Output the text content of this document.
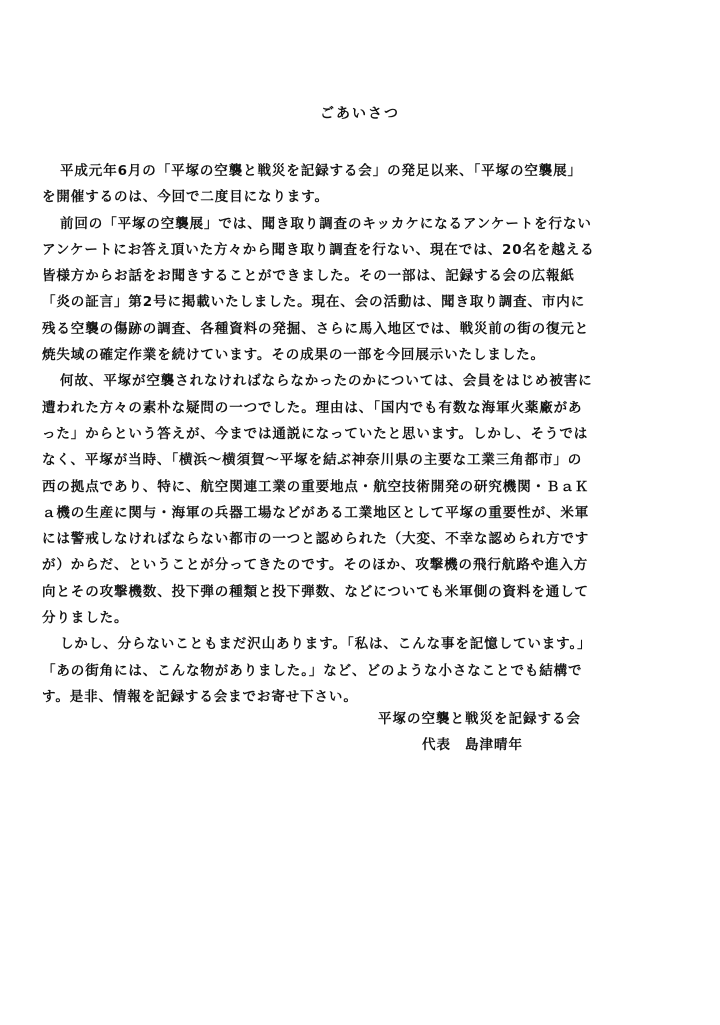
ごあいさつ
平成元年6月の「平塚の空襲と戦災を記録する会」の発足以来、「平塚の空襲展」
を開催するのは、今回で二度目になります。
前回の「平塚の空襲展」では、聞き取り調査のキッカケになるアンケートを行ない
アンケートにお答え頂いた方々から聞き取り調査を行ない、現在では、20名を越える
皆様方からお話をお聞きすることができました。その一部は、記録する会の広報紙
「炎の証言」第2号に掲載いたしました。現在、会の活動は、聞き取り調査、市内に
残る空襲の傷跡の調査、各種資料の発掘、さらに馬入地区では、戦災前の街の復元と
焼失域の確定作業を続けています。その成果の一部を今回展示いたしました。
何故、平塚が空襲されなければならなかったのかについては、会員をはじめ被害に
遭われた方々の素朴な疑問の一つでした。理由は、「国内でも有数な海軍火薬廠があ
った」からという答えが、今までは通説になっていたと思います。しかし、そうでは
なく、平塚が当時、「横浜～横須賀～平塚を結ぶ神奈川県の主要な工業三角都市」の
西の拠点であり、特に、航空関連工業の重要地点・航空技術開発の研究機関・ＢａＫ
ａ機の生産に関与・海軍の兵器工場などがある工業地区として平塚の重要性が、米軍
には警戒しなければならない都市の一つと認められた（大変、不幸な認められ方です
が）からだ、ということが分ってきたのです。そのほか、攻撃機の飛行航路や進入方
向とその攻撃機数、投下弾の種類と投下弾数、などについても米軍側の資料を通して
分りました。
しかし、分らないこともまだ沢山あります。「私は、こんな事を記憶しています。」
「あの街角には、こんな物がありました。」など、どのような小さなことでも結構で
す。是非、情報を記録する会までお寄せ下さい。
平塚の空襲と戦災を記録する会
代表 島津晴年
